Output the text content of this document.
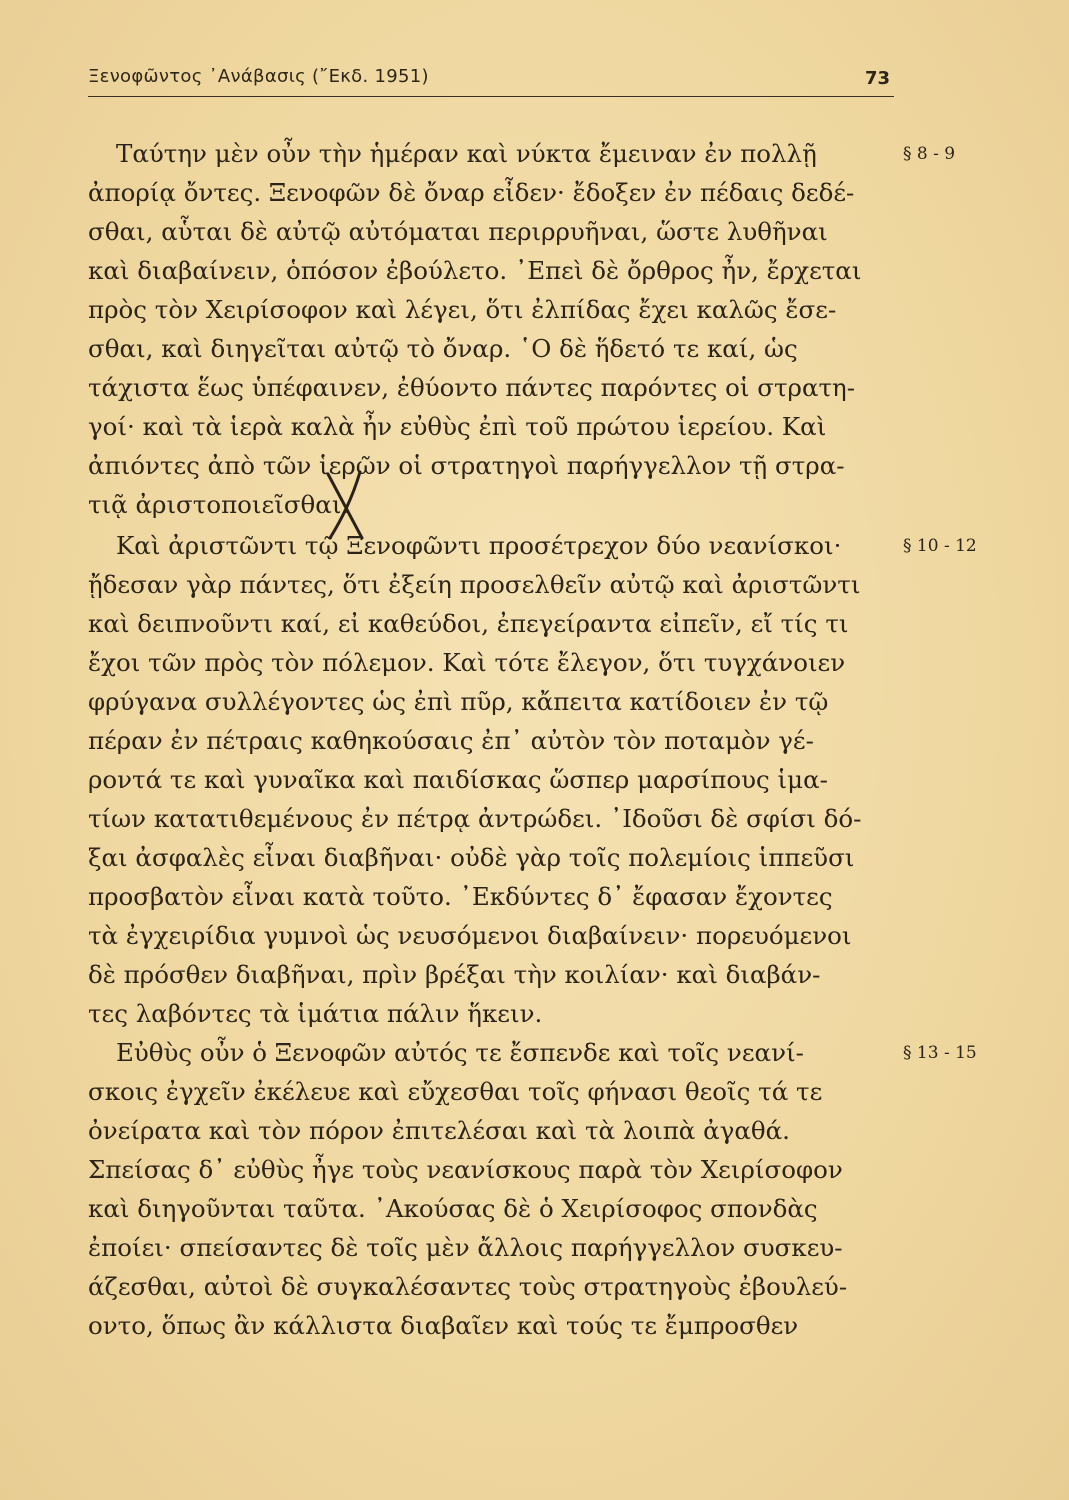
Ξενοφῶντος ᾿Ανάβασις (῎Εκδ. 1951)	73
§ 8 - 9
§ 10 - 12
§ 13 - 15
Ταύτην μὲν οὖν τὴν ἡμέραν καὶ νύκτα ἔμειναν ἐν πολλῇ
ἀπορίᾳ ὄντες. Ξενοφῶν δὲ ὄναρ εἶδεν· ἔδοξεν ἐν πέδαις δεδέ-
σθαι, αὗται δὲ αὐτῷ αὐτόμαται περιρρυῆναι, ὥστε λυθῆναι
καὶ διαβαίνειν, ὁπόσον ἐβούλετο. ᾿Επεὶ δὲ ὄρθρος ἦν, ἔρχεται
πρὸς τὸν Χειρίσοφον καὶ λέγει, ὅτι ἐλπίδας ἔχει καλῶς ἔσε-
σθαι, καὶ διηγεῖται αὐτῷ τὸ ὄναρ. ῾Ο δὲ ἥδετό τε καί, ὡς
τάχιστα ἕως ὑπέφαινεν, ἐθύοντο πάντες παρόντες οἱ στρατη-
γοί· καὶ τὰ ἱερὰ καλὰ ἦν εὐθὺς ἐπὶ τοῦ πρώτου ἱερείου. Καὶ
ἀπιόντες ἀπὸ τῶν ἱερῶν οἱ στρατηγοὶ παρήγγελλον τῇ στρα-
τιᾷ ἀριστοποιεῖσθαι.
Καὶ ἀριστῶντι τῷ Ξενοφῶντι προσέτρεχον δύο νεανίσκοι·
ᾔδεσαν γὰρ πάντες, ὅτι ἐξείη προσελθεῖν αὐτῷ καὶ ἀριστῶντι
καὶ δειπνοῦντι καί, εἰ καθεύδοι, ἐπεγείραντα εἰπεῖν, εἴ τίς τι
ἔχοι τῶν πρὸς τὸν πόλεμον. Καὶ τότε ἔλεγον, ὅτι τυγχάνοιεν
φρύγανα συλλέγοντες ὡς ἐπὶ πῦρ, κἄπειτα κατίδοιεν ἐν τῷ
πέραν ἐν πέτραις καθηκούσαις ἐπ᾿ αὐτὸν τὸν ποταμὸν γέ-
ροντά τε καὶ γυναῖκα καὶ παιδίσκας ὥσπερ μαρσίπους ἱμα-
τίων κατατιθεμένους ἐν πέτρᾳ ἀντρώδει. ᾿Ιδοῦσι δὲ σφίσι δό-
ξαι ἀσφαλὲς εἶναι διαβῆναι· οὐδὲ γὰρ τοῖς πολεμίοις ἱππεῦσι
προσβατὸν εἶναι κατὰ τοῦτο. ᾿Εκδύντες δ᾿ ἔφασαν ἔχοντες
τὰ ἐγχειρίδια γυμνοὶ ὡς νευσόμενοι διαβαίνειν· πορευόμενοι
δὲ πρόσθεν διαβῆναι, πρὶν βρέξαι τὴν κοιλίαν· καὶ διαβάν-
τες λαβόντες τὰ ἱμάτια πάλιν ἥκειν.
Εὐθὺς οὖν ὁ Ξενοφῶν αὐτός τε ἔσπενδε καὶ τοῖς νεανί-
σκοις ἐγχεῖν ἐκέλευε καὶ εὔχεσθαι τοῖς φήνασι θεοῖς τά τε
ὀνείρατα καὶ τὸν πόρον ἐπιτελέσαι καὶ τὰ λοιπὰ ἀγαθά.
Σπείσας δ᾿ εὐθὺς ἦγε τοὺς νεανίσκους παρὰ τὸν Χειρίσοφον
καὶ διηγοῦνται ταῦτα. ᾿Ακούσας δὲ ὁ Χειρίσοφος σπονδὰς
ἐποίει· σπείσαντες δὲ τοῖς μὲν ἄλλοις παρήγγελλον συσκευ-
άζεσθαι, αὐτοὶ δὲ συγκαλέσαντες τοὺς στρατηγοὺς ἐβουλεύ-
οντο, ὅπως ἂν κάλλιστα διαβαῖεν καὶ τούς τε ἔμπροσθεν
